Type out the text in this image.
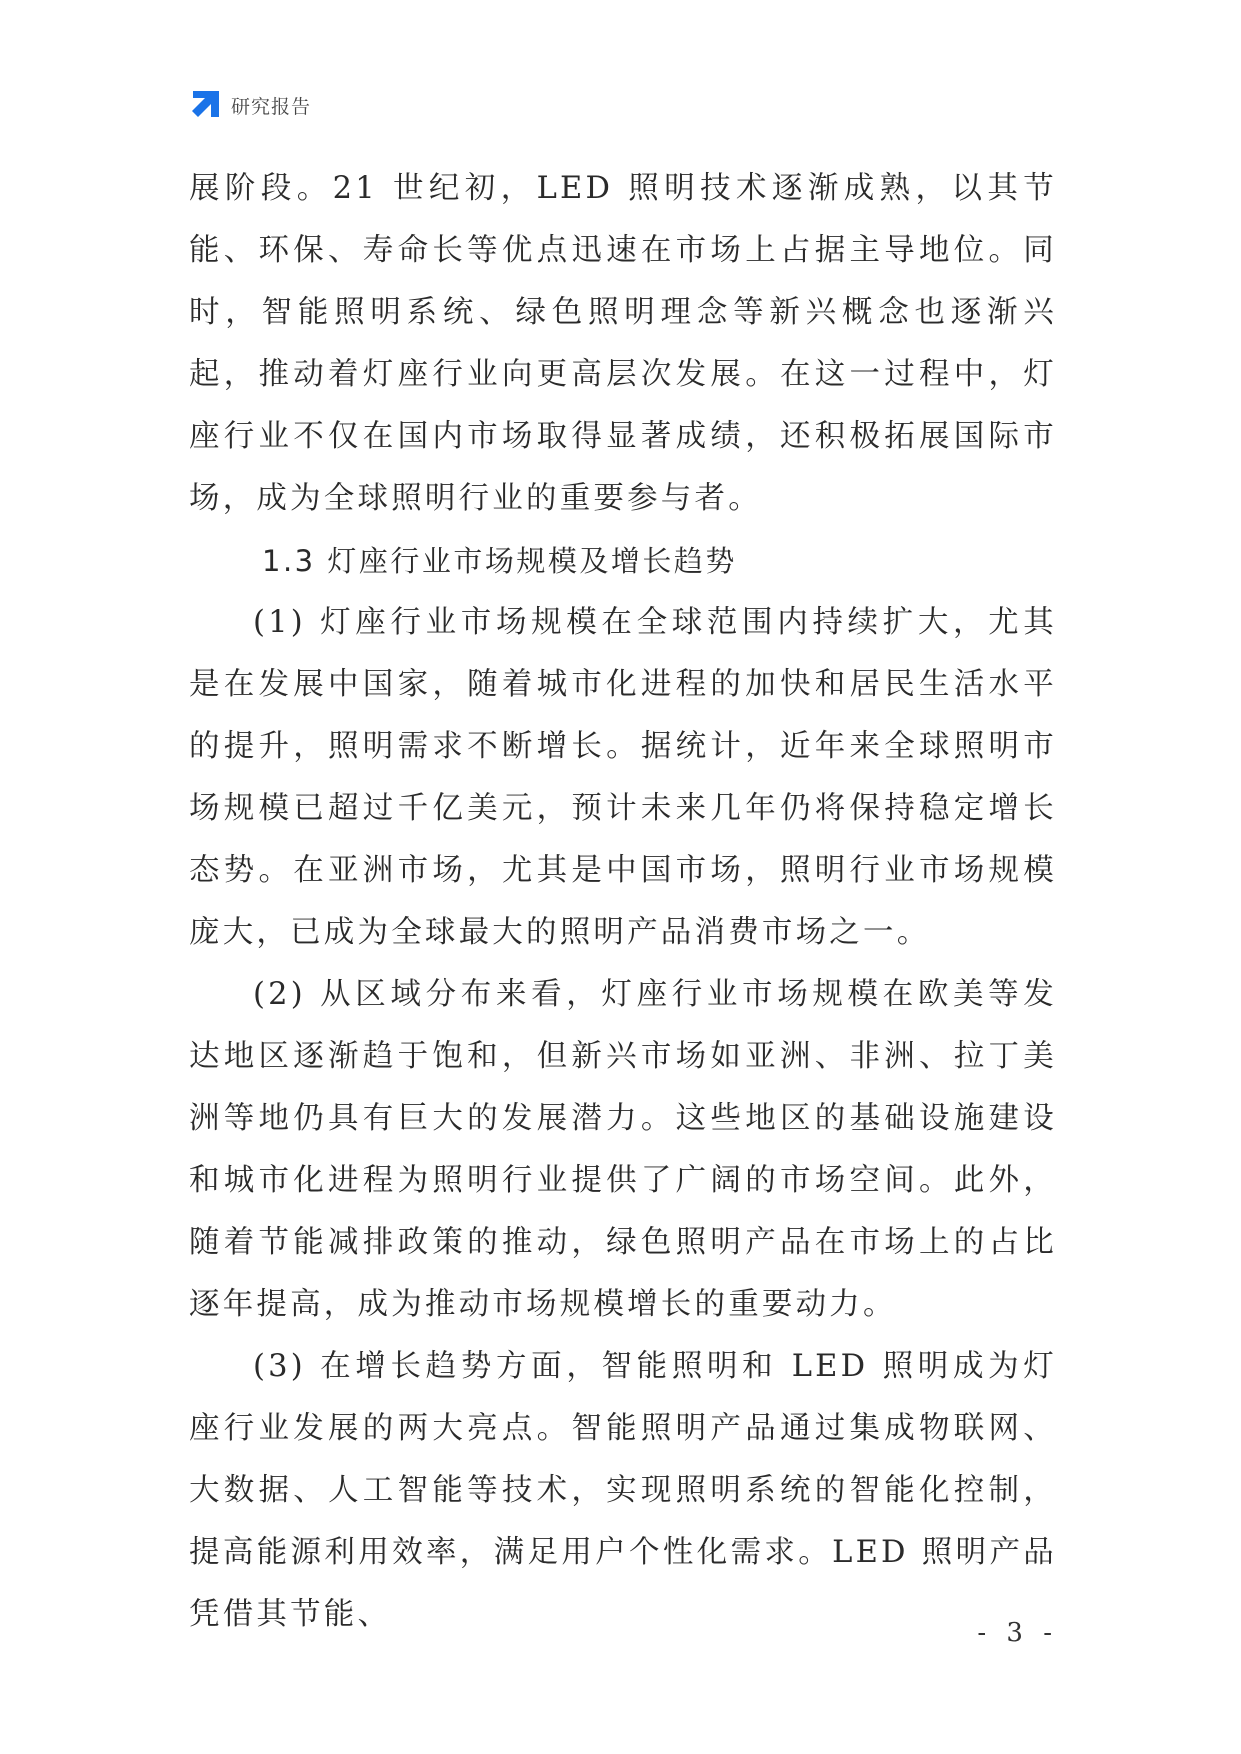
研究报告

展阶段。21 世纪初，LED 照明技术逐渐成熟，以其节能、环保、寿命长等优点迅速在市场上占据主导地位。同时，智能照明系统、绿色照明理念等新兴概念也逐渐兴起，推动着灯座行业向更高层次发展。在这一过程中，灯座行业不仅在国内市场取得显著成绩，还积极拓展国际市场，成为全球照明行业的重要参与者。

1.3 灯座行业市场规模及增长趋势

(1) 灯座行业市场规模在全球范围内持续扩大，尤其是在发展中国家，随着城市化进程的加快和居民生活水平的提升，照明需求不断增长。据统计，近年来全球照明市场规模已超过千亿美元，预计未来几年仍将保持稳定增长态势。在亚洲市场，尤其是中国市场，照明行业市场规模庞大，已成为全球最大的照明产品消费市场之一。

(2) 从区域分布来看，灯座行业市场规模在欧美等发达地区逐渐趋于饱和，但新兴市场如亚洲、非洲、拉丁美洲等地仍具有巨大的发展潜力。这些地区的基础设施建设和城市化进程为照明行业提供了广阔的市场空间。此外，随着节能减排政策的推动，绿色照明产品在市场上的占比逐年提高，成为推动市场规模增长的重要动力。

(3) 在增长趋势方面，智能照明和 LED 照明成为灯座行业发展的两大亮点。智能照明产品通过集成物联网、大数据、人工智能等技术，实现照明系统的智能化控制，提高能源利用效率，满足用户个性化需求。LED 照明产品凭借其节能、

- 3 -
